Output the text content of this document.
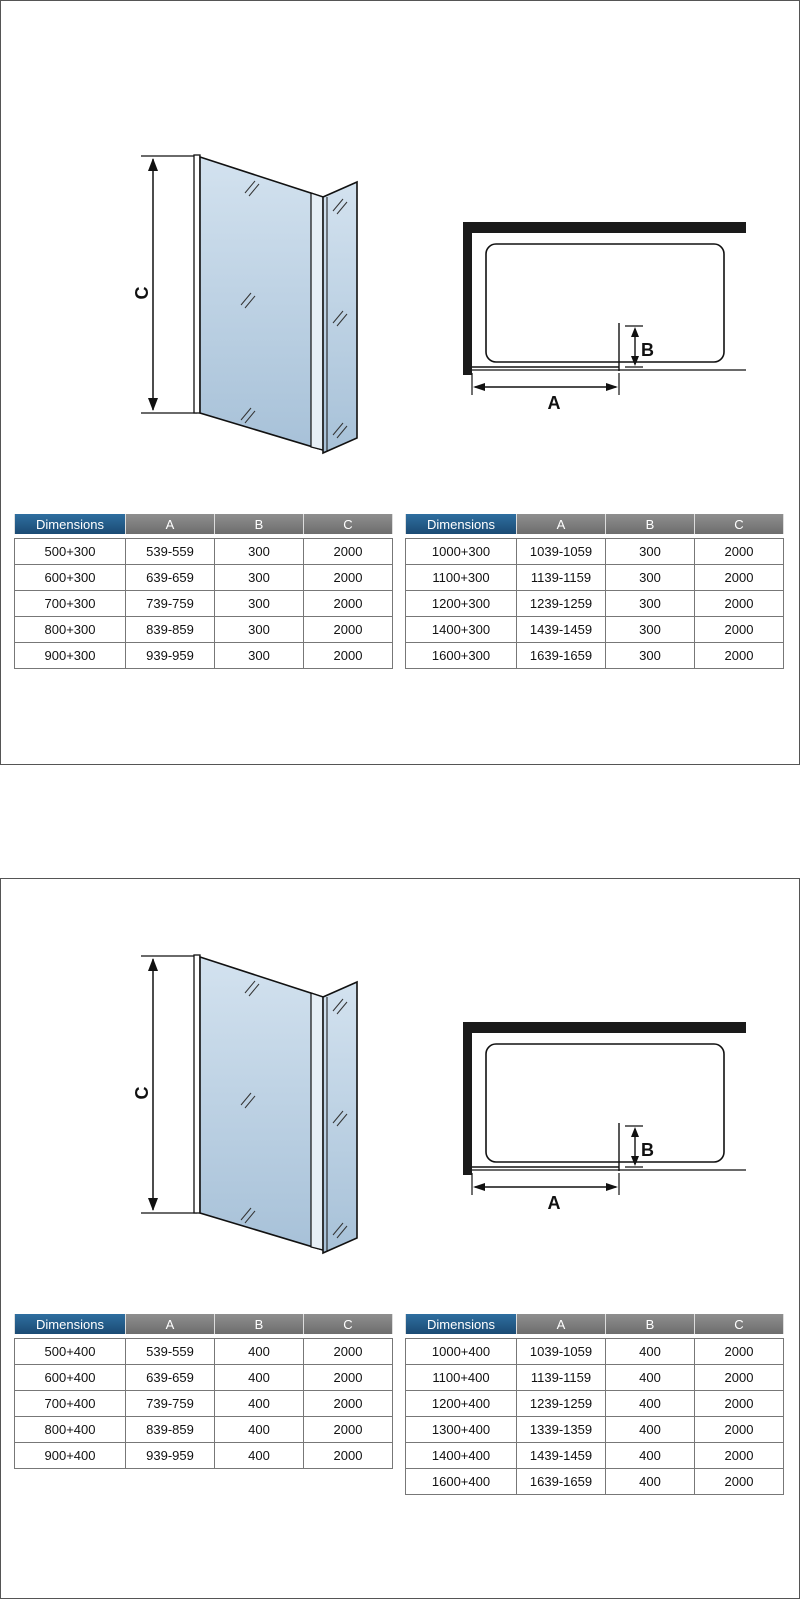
C
B
A
Dimensions	A	B	C

500+300	539-559	300	2000
600+300	639-659	300	2000
700+300	739-759	300	2000
800+300	839-859	300	2000
900+300	939-959	300	2000
Dimensions	A	B	C

1000+300	1039-1059	300	2000
1100+300	1139-1159	300	2000
1200+300	1239-1259	300	2000
1400+300	1439-1459	300	2000
1600+300	1639-1659	300	2000
C
B
A
Dimensions	A	B	C

500+400	539-559	400	2000
600+400	639-659	400	2000
700+400	739-759	400	2000
800+400	839-859	400	2000
900+400	939-959	400	2000
Dimensions	A	B	C

1000+400	1039-1059	400	2000
1100+400	1139-1159	400	2000
1200+400	1239-1259	400	2000
1300+400	1339-1359	400	2000
1400+400	1439-1459	400	2000
1600+400	1639-1659	400	2000
